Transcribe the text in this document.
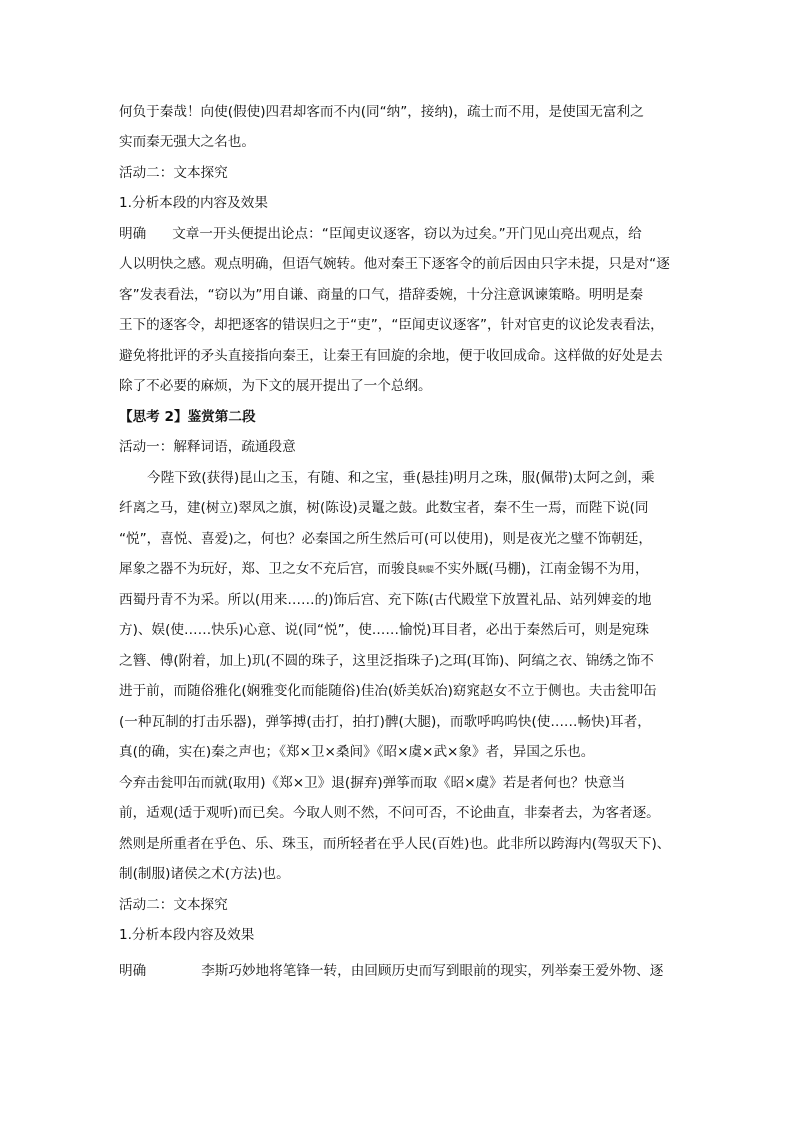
何负于秦哉！向使(假使)四君却客而不内(同“纳”，接纳)，疏士而不用，是使国无富利之
实而秦无强大之名也。
活动二：文本探究
1.分析本段的内容及效果
明确 文章一开头便提出论点：“臣闻吏议逐客，窃以为过矣。”开门见山亮出观点，给
人以明快之感。观点明确，但语气婉转。他对秦王下逐客令的前后因由只字未提，只是对“逐
客”发表看法，“窃以为”用自谦、商量的口气，措辞委婉，十分注意讽谏策略。明明是秦
王下的逐客令，却把逐客的错误归之于“吏”，“臣闻吏议逐客”，针对官吏的议论发表看法，
避免将批评的矛头直接指向秦王，让秦王有回旋的余地，便于收回成命。这样做的好处是去
除了不必要的麻烦，为下文的展开提出了一个总纲。
【思考 2】鉴赏第二段
活动一：解释词语，疏通段意
今陛下致(获得)昆山之玉，有随、和之宝，垂(悬挂)明月之珠，服(佩带)太阿之剑，乘
纤离之马，建(树立)翠凤之旗，树(陈设)灵鼍之鼓。此数宝者，秦不生一焉，而陛下说(同
“悦”，喜悦、喜爱)之，何也？必秦国之所生然后可(可以使用)，则是夜光之璧不饰朝廷，
犀象之器不为玩好，郑、卫之女不充后宫，而骏良駃騠不实外厩(马棚)，江南金锡不为用，
西蜀丹青不为采。所以(用来……的)饰后宫、充下陈(古代殿堂下放置礼品、站列婢妾的地
方)、娱(使……快乐)心意、说(同“悦”，使……愉悦)耳目者，必出于秦然后可，则是宛珠
之簪、傅(附着，加上)玑(不圆的珠子，这里泛指珠子)之珥(耳饰)、阿缟之衣、锦绣之饰不
进于前，而随俗雅化(娴雅变化而能随俗)佳冶(娇美妖冶)窈窕赵女不立于侧也。夫击瓮叩缶
(一种瓦制的打击乐器)，弹筝搏(击打，拍打)髀(大腿)，而歌呼呜呜快(使……畅快)耳者，
真(的确，实在)秦之声也；《郑⨯卫⨯桑间》《昭⨯虞⨯武⨯象》者，异国之乐也。
今弃击瓮叩缶而就(取用)《郑⨯卫》退(摒弃)弹筝而取《昭⨯虞》若是者何也？快意当
前，适观(适于观听)而已矣。今取人则不然，不问可否，不论曲直，非秦者去，为客者逐。
然则是所重者在乎色、乐、珠玉，而所轻者在乎人民(百姓)也。此非所以跨海内(驾驭天下)、
制(制服)诸侯之术(方法)也。
活动二：文本探究
1.分析本段内容及效果
明确	李斯巧妙地将笔锋一转，由回顾历史而写到眼前的现实，列举秦王爱外物、逐
